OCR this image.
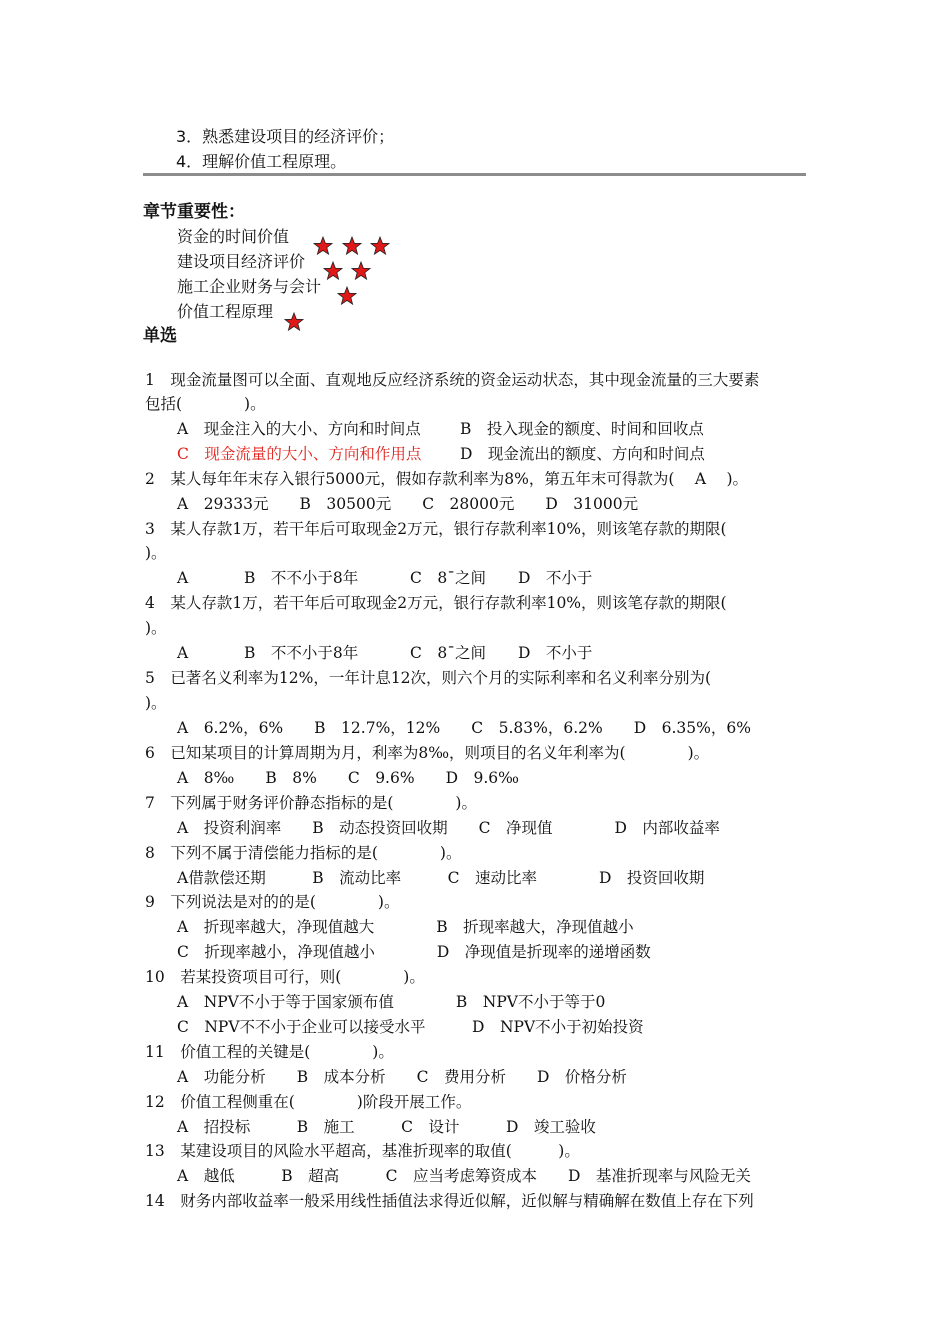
3．熟悉建设项目的经济评价；
4．理解价值工程原理。
章节重要性：
资金的时间价值
建设项目经济评价
施工企业财务与会计
价值工程原理
单选
1　现金流量图可以全面、直观地反应经济系统的资金运动状态，其中现金流量的三大要素
包括(　　　　)。
A　现金注入的大小、方向和时间点	B　投入现金的额度、时间和回收点
C　现金流量的大小、方向和作用点 D　现金流出的额度、方向和时间点
2　某人每年年末存入银行5000元，假如存款利率为8%，第五年末可得款为(　 A　 )。
A　29333元　　B　30500元　　C　28000元　　D　31000元
3　某人存款1万，若干年后可取现金2万元，银行存款利率10%，则该笔存款的期限(
)。
A	B　不不小于8年	C　8¯之间 D　不小于
4　某人存款1万，若干年后可取现金2万元，银行存款利率10%，则该笔存款的期限(
)。
A	B　不不小于8年	C　8¯之间 D　不小于
5　已著名义利率为12%，一年计息12次，则六个月的实际利率和名义利率分别为(
)。
A　6.2%，6%　　B　12.7%，12%　　C　5.83%，6.2%　　D　6.35%，6%
6　已知某项目的计算周期为月，利率为8‰，则项目的名义年利率为(　　　　)。
A　8‰　　B　8%　　C　9.6%　　D　9.6‰
7　下列属于财务评价静态指标的是(　　　　)。
A　投资利润率　　B　动态投资回收期　　C　净现值　　　　D　内部收益率
8　下列不属于清偿能力指标的是(　　　　)。
A借款偿还期　　　B　流动比率　　　C　速动比率　　　　D　投资回收期
9　下列说法是对的的是(　　　　)。
A　折现率越大，净现值越大　　　　B　折现率越大，净现值越小
C　折现率越小，净现值越小　　　　D　净现值是折现率的递增函数
10　若某投资项目可行，则(　　　　)。
A　NPV不小于等于国家颁布值　　　　B　NPV不小于等于0
C　NPV不不小于企业可以接受水平　　　D　NPV不小于初始投资
11　价值工程的关键是(　　　　)。
A　功能分析　　B　成本分析　　C　费用分析　　D　价格分析
12　价值工程侧重在(　　　　)阶段开展工作。
A　招投标　　　B　施工　　　C　设计　　　D　竣工验收
13　某建设项目的风险水平超高，基准折现率的取值(　　　)。
A　越低　　　B　超高　　　C　应当考虑筹资成本　　D　基准折现率与风险无关
14　财务内部收益率一般采用线性插值法求得近似解，近似解与精确解在数值上存在下列
